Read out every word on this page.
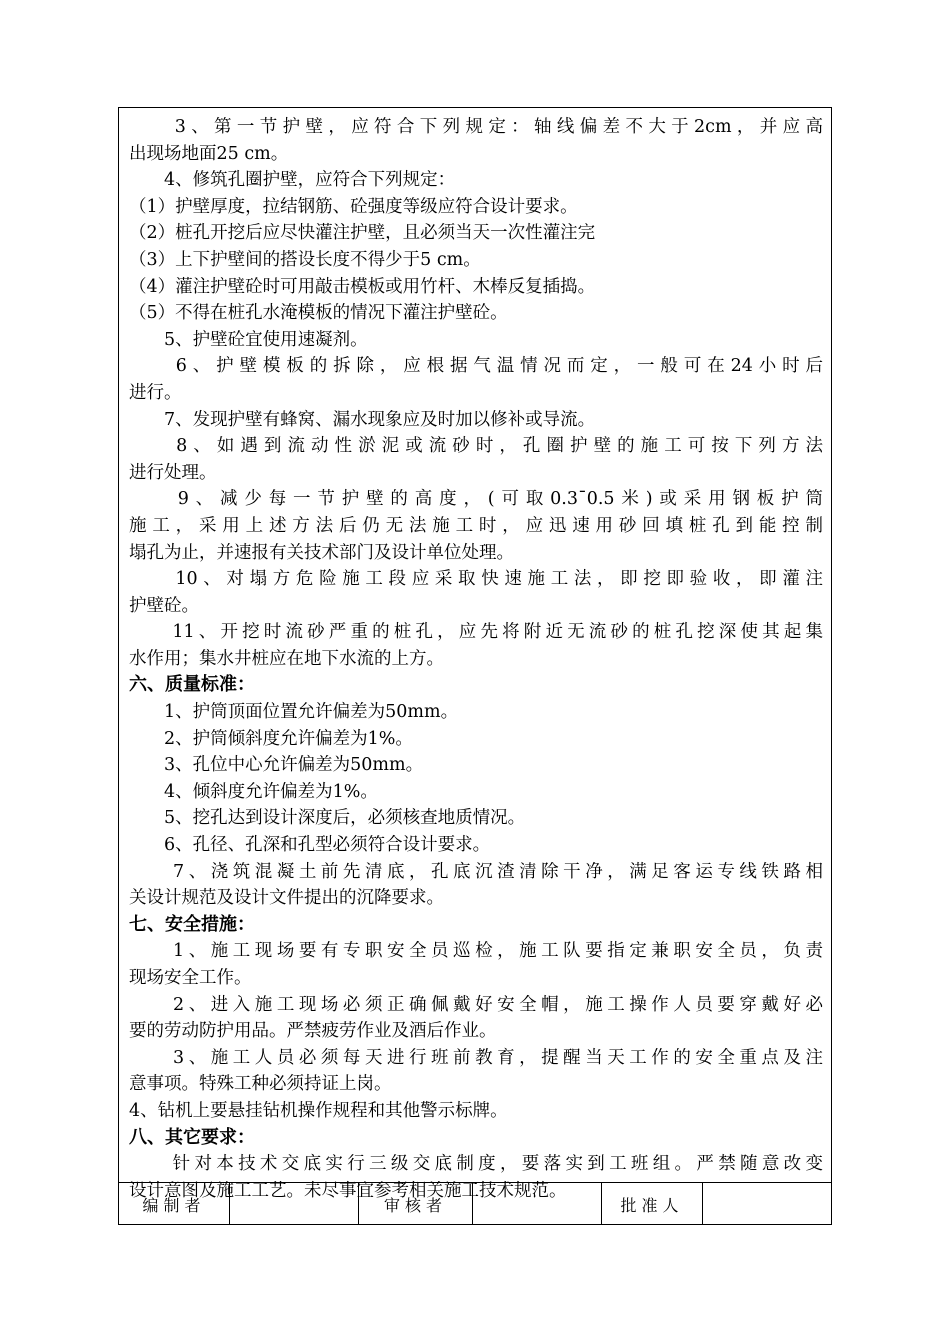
　　3、第一节护壁，应符合下列规定：轴线偏差不大于2cm，并应高
出现场地面25 cm。
　　4、修筑孔圈护壁，应符合下列规定：
（1）护壁厚度，拉结钢筋、砼强度等级应符合设计要求。
（2）桩孔开挖后应尽快灌注护壁，且必须当天一次性灌注完
（3）上下护壁间的搭设长度不得少于5 cm。
（4）灌注护壁砼时可用敲击模板或用竹杆、木棒反复插捣。
（5）不得在桩孔水淹模板的情况下灌注护壁砼。
　　5、护壁砼宜使用速凝剂。
　　6、护壁模板的拆除，应根据气温情况而定，一般可在24小时后
进行。
　　7、发现护壁有蜂窝、漏水现象应及时加以修补或导流。
　　8、如遇到流动性淤泥或流砂时，孔圈护壁的施工可按下列方法
进行处理。
　　9、减少每一节护壁的高度，(可取0.3ˉ0.5米)或采用钢板护筒
施工，采用上述方法后仍无法施工时，应迅速用砂回填桩孔到能控制
塌孔为止，并速报有关技术部门及设计单位处理。
　　10、对塌方危险施工段应采取快速施工法，即挖即验收，即灌注
护壁砼。
　　11、开挖时流砂严重的桩孔，应先将附近无流砂的桩孔挖深使其起集
水作用；集水井桩应在地下水流的上方。
六、质量标准：
　　1、护筒顶面位置允许偏差为50mm。
　　2、护筒倾斜度允许偏差为1%。
　　3、孔位中心允许偏差为50mm。
　　4、倾斜度允许偏差为1%。
　　5、挖孔达到设计深度后，必须核查地质情况。
　　6、孔径、孔深和孔型必须符合设计要求。
　　7、浇筑混凝土前先清底，孔底沉渣清除干净，满足客运专线铁路相
关设计规范及设计文件提出的沉降要求。
七、安全措施：
　　1、施工现场要有专职安全员巡检，施工队要指定兼职安全员，负责
现场安全工作。
　　2、进入施工现场必须正确佩戴好安全帽，施工操作人员要穿戴好必
要的劳动防护用品。严禁疲劳作业及酒后作业。
　　3、施工人员必须每天进行班前教育，提醒当天工作的安全重点及注
意事项。特殊工种必须持证上岗。
4、钻机上要悬挂钻机操作规程和其他警示标牌。
八、其它要求：
　　针对本技术交底实行三级交底制度，要落实到工班组。严禁随意改变
设计意图及施工工艺。未尽事宜参考相关施工技术规范。
编制者	审核者	批准人
